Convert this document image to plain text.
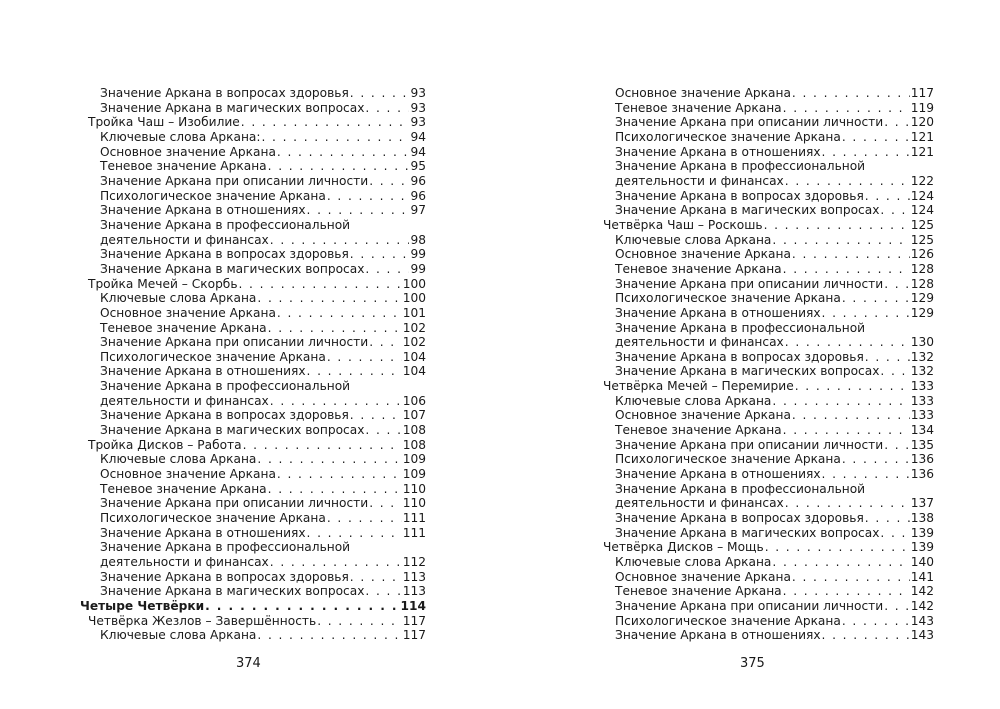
Значение Аркана в вопросах здоровья . . .	93
Значение Аркана в магических вопросах . . .	93
Тройка Чаш – Изобилие . . .	93
Ключевые слова Аркана: . . .	94
Основное значение Аркана . . .	94
Теневое значение Аркана . . .	95
Значение Аркана при описании личности . . .	96
Психологическое значение Аркана . . .	96
Значение Аркана в отношениях . . .	97
Значение Аркана в профессиональной
деятельности и финансах . . .	98
Значение Аркана в вопросах здоровья . . .	99
Значение Аркана в магических вопросах . . .	99
Тройка Мечей – Скорбь . . .	100
Ключевые слова Аркана . . .	100
Основное значение Аркана . . .	101
Теневое значение Аркана . . .	102
Значение Аркана при описании личности . . .	102
Психологическое значение Аркана . . .	104
Значение Аркана в отношениях . . .	104
Значение Аркана в профессиональной
деятельности и финансах . . .	106
Значение Аркана в вопросах здоровья . . .	107
Значение Аркана в магических вопросах . . .	108
Тройка Дисков – Работа . . .	108
Ключевые слова Аркана . . .	109
Основное значение Аркана . . .	109
Теневое значение Аркана . . .	110
Значение Аркана при описании личности . . .	110
Психологическое значение Аркана . . .	111
Значение Аркана в отношениях . . .	111
Значение Аркана в профессиональной
деятельности и финансах . . .	112
Значение Аркана в вопросах здоровья . . .	113
Значение Аркана в магических вопросах . . .	113
Четыре Четвёрки . . .	114
Четвёрка Жезлов – Завершённость . . .	117
Ключевые слова Аркана . . .	117
Основное значение Аркана . . .	117
Теневое значение Аркана . . .	119
Значение Аркана при описании личности . . . 120
Психологическое значение Аркана . . .	121
Значение Аркана в отношениях . . .	121
Значение Аркана в профессиональной
деятельности и финансах . . .	122
Значение Аркана в вопросах здоровья . . .	124
Значение Аркана в магических вопросах . . .	124
Четвёрка Чаш – Роскошь . . .	125
Ключевые слова Аркана . . .	125
Основное значение Аркана . . .	126
Теневое значение Аркана . . .	128
Значение Аркана при описании личности . . . 128
Психологическое значение Аркана . . .	129
Значение Аркана в отношениях . . .	129
Значение Аркана в профессиональной
деятельности и финансах . . .	130
Значение Аркана в вопросах здоровья . . .	132
Значение Аркана в магических вопросах . . .	132
Четвёрка Мечей – Перемирие . . .	133
Ключевые слова Аркана . . .	133
Основное значение Аркана . . .	133
Теневое значение Аркана . . .	134
Значение Аркана при описании личности . . . 135
Психологическое значение Аркана . . .	136
Значение Аркана в отношениях . . .	136
Значение Аркана в профессиональной
деятельности и финансах . . .	137
Значение Аркана в вопросах здоровья . . .	138
Значение Аркана в магических вопросах . . .	139
Четвёрка Дисков – Мощь . . .	139
Ключевые слова Аркана . . .	140
Основное значение Аркана . . .	141
Теневое значение Аркана . . .	142
Значение Аркана при описании личности . . . 142
Психологическое значение Аркана . . .	143
Значение Аркана в отношениях . . .	143
374	375
